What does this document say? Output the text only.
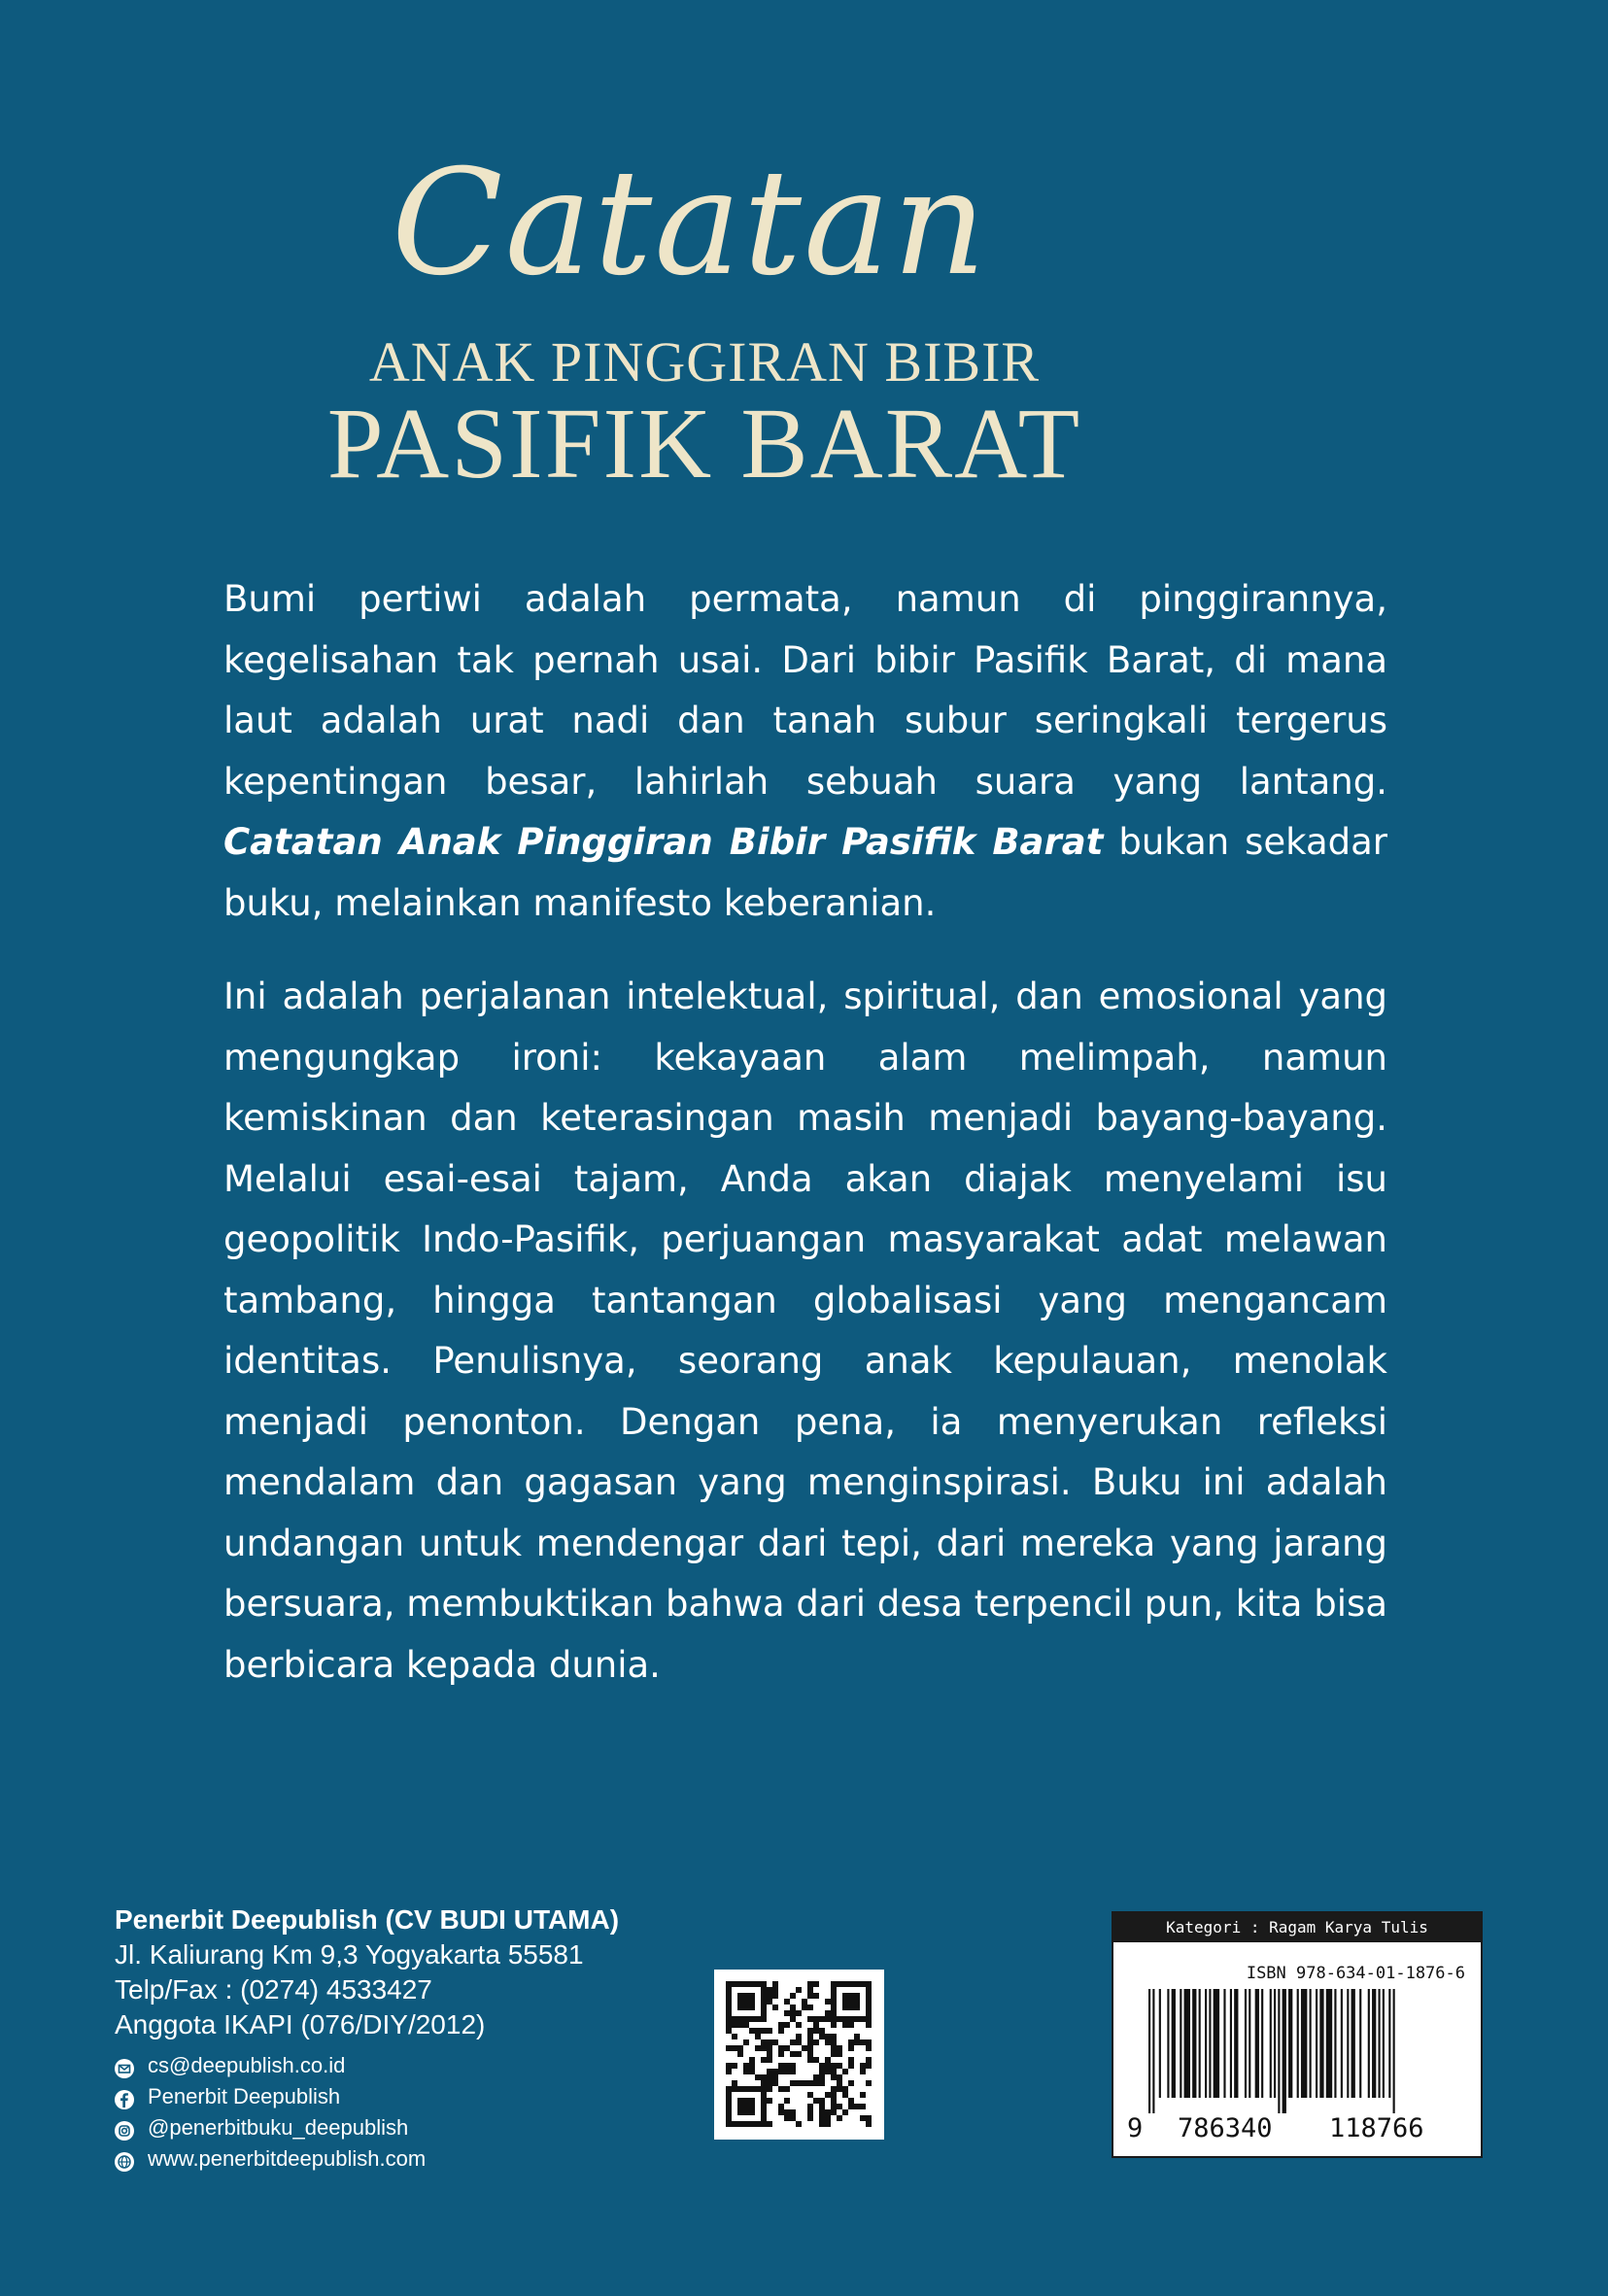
Catatan
ANAK PINGGIRAN BIBIR
PASIFIK BARAT

Bumi pertiwi adalah permata, namun di pinggirannya, kegelisahan tak pernah usai. Dari bibir Pasifik Barat, di mana laut adalah urat nadi dan tanah subur seringkali tergerus kepentingan besar, lahirlah sebuah suara yang lantang. Catatan Anak Pinggiran Bibir Pasifik Barat bukan sekadar buku, melainkan manifesto keberanian.

Ini adalah perjalanan intelektual, spiritual, dan emosional yang mengungkap ironi: kekayaan alam melimpah, namun kemiskinan dan keterasingan masih menjadi bayang-bayang. Melalui esai-esai tajam, Anda akan diajak menyelami isu geopolitik Indo-Pasifik, perjuangan masyarakat adat melawan tambang, hingga tantangan globalisasi yang mengancam identitas. Penulisnya, seorang anak kepulauan, menolak menjadi penonton. Dengan pena, ia menyerukan refleksi mendalam dan gagasan yang menginspirasi. Buku ini adalah undangan untuk mendengar dari tepi, dari mereka yang jarang bersuara, membuktikan bahwa dari desa terpencil pun, kita bisa berbicara kepada dunia.

Penerbit Deepublish (CV BUDI UTAMA)
Jl. Kaliurang Km 9,3 Yogyakarta 55581
Telp/Fax : (0274) 4533427
Anggota IKAPI (076/DIY/2012)
cs@deepublish.co.id
Penerbit Deepublish
@penerbitbuku_deepublish
www.penerbitdeepublish.com
Kategori : Ragam Karya Tulis
ISBN 978-634-01-1876-6
9 786340 118766
